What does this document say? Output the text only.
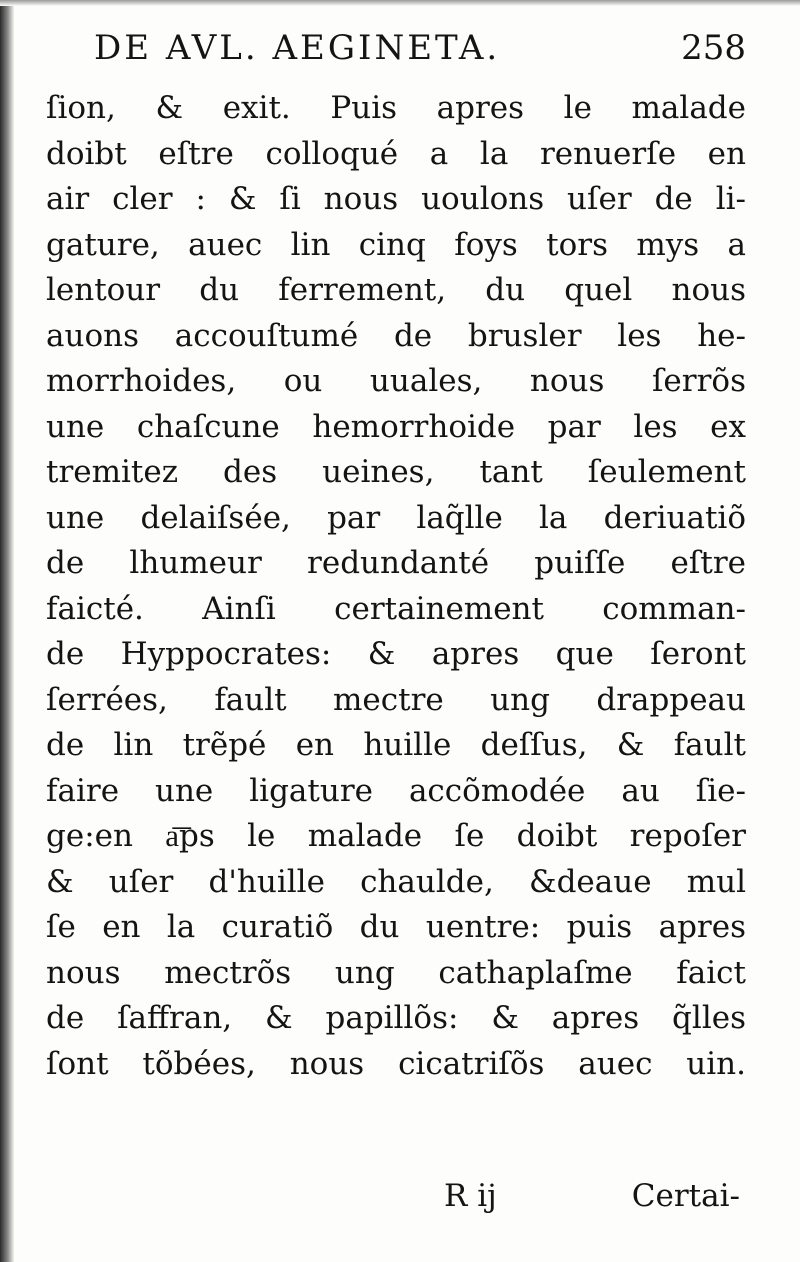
DE AVL. AEGINETA.	258
ſion, & exit. Puis apres le malade
doibt eſtre colloqué a la renuerſe en
air cler : & ſi nous uoulons uſer de li-
gature, auec lin cinq foys tors mys a
lentour du ferrement, du quel nous
auons accouſtumé de brusler les he-
morrhoides, ou uuales, nous ſerrõs
une chaſcune hemorrhoide par les ex
tremitez des ueines, tant ſeulement
une delaiſsée, par laq̃lle la deriuatiõ
de lhumeur redundanté puiſſe eſtre
faicté. Ainſi certainement comman-
de Hyppocrates: & apres que ſeront
ſerrées, fault mectre ung drappeau
de lin trẽpé en huille deſſus, & fault
faire une ligature accõmodée au ſie-
ge:en a͞ps le malade ſe doibt repoſer
& uſer d'huille chaulde, &deaue mul
ſe en la curatiõ du uentre: puis apres
nous mectrõs ung cathaplaſme faict
de ſaffran, & papillõs: & apres q̃lles
ſont tõbées, nous cicatriſõs auec uin.
R ij	Certai-
